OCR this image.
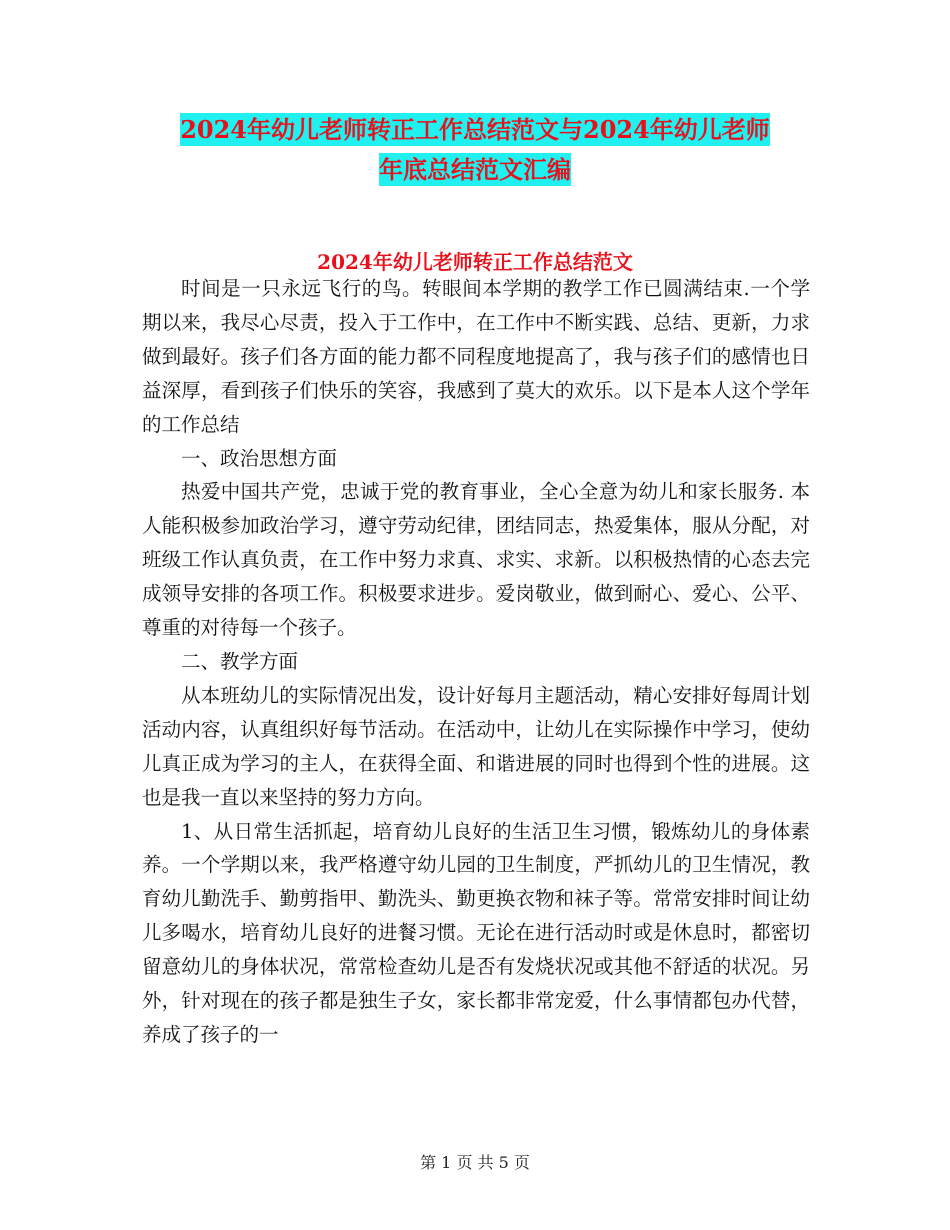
2024年幼儿老师转正工作总结范文与2024年幼儿老师
年底总结范文汇编
2024年幼儿老师转正工作总结范文

时间是一只永远飞行的鸟。转眼间本学期的教学工作已圆满结束.一个学期以来，我尽心尽责，投入于工作中，在工作中不断实践、总结、更新，力求做到最好。孩子们各方面的能力都不同程度地提高了，我与孩子们的感情也日益深厚，看到孩子们快乐的笑容，我感到了莫大的欢乐。以下是本人这个学年的工作总结

一、政治思想方面

热爱中国共产党，忠诚于党的教育事业，全心全意为幼儿和家长服务. 本人能积极参加政治学习，遵守劳动纪律，团结同志，热爱集体，服从分配，对班级工作认真负责，在工作中努力求真、求实、求新。以积极热情的心态去完成领导安排的各项工作。积极要求进步。爱岗敬业，做到耐心、爱心、公平、尊重的对待每一个孩子。

二、教学方面

从本班幼儿的实际情况出发，设计好每月主题活动，精心安排好每周计划活动内容，认真组织好每节活动。在活动中，让幼儿在实际操作中学习，使幼儿真正成为学习的主人，在获得全面、和谐进展的同时也得到个性的进展。这也是我一直以来坚持的努力方向。

1、从日常生活抓起，培育幼儿良好的生活卫生习惯，锻炼幼儿的身体素养。一个学期以来，我严格遵守幼儿园的卫生制度，严抓幼儿的卫生情况，教育幼儿勤洗手、勤剪指甲、勤洗头、勤更换衣物和袜子等。常常安排时间让幼儿多喝水，培育幼儿良好的进餐习惯。无论在进行活动时或是休息时，都密切留意幼儿的身体状况，常常检查幼儿是否有发烧状况或其他不舒适的状况。另外，针对现在的孩子都是独生子女，家长都非常宠爱，什么事情都包办代替，养成了孩子的一

第 1 页 共 5 页
